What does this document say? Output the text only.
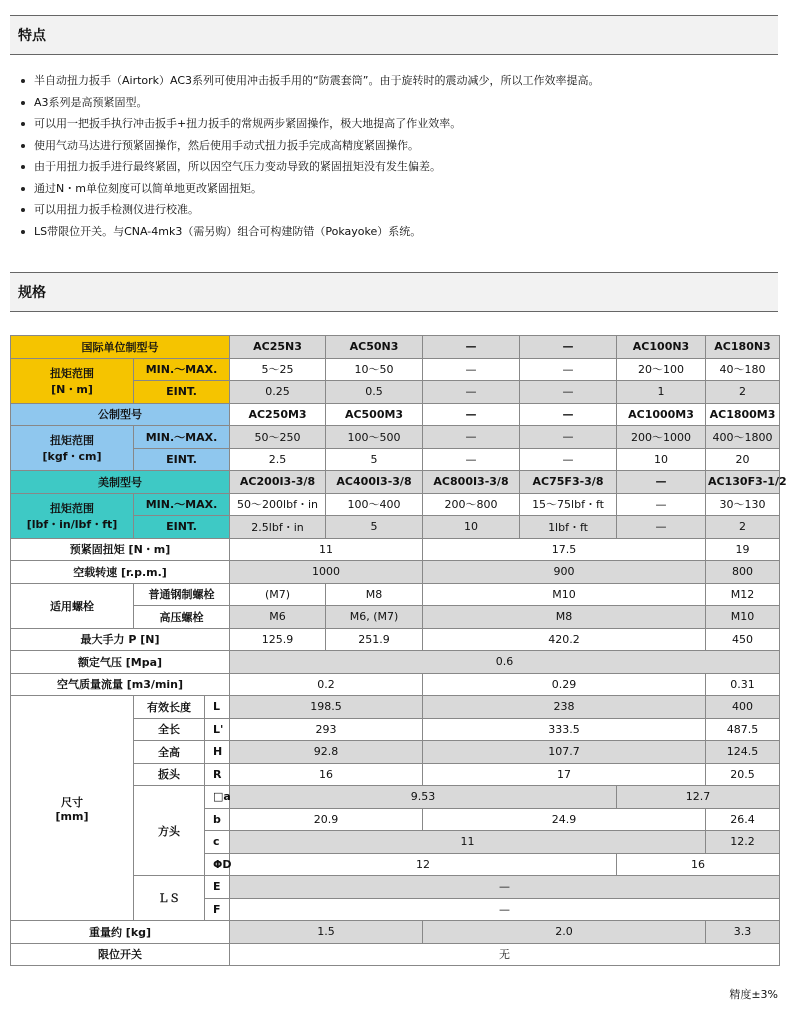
特点
半自动扭力扳手（Airtork）AC3系列可使用冲击扳手用的“防震套筒”。由于旋转时的震动减少，所以工作效率提高。
A3系列是高预紧固型。
可以用一把扳手执行冲击扳手+扭力扳手的常规两步紧固操作，极大地提高了作业效率。
使用气动马达进行预紧固操作，然后使用手动式扭力扳手完成高精度紧固操作。
由于用扭力扳手进行最终紧固，所以因空气压力变动导致的紧固扭矩没有发生偏差。
通过N・m单位刻度可以简单地更改紧固扭矩。
可以用扭力扳手检测仪进行校准。
LS带限位开关。与CNA-4mk3（需另购）组合可构建防错（Pokayoke）系统。
规格
国际单位制型号			AC25N3	AC50N3	—	—	AC100N3	AC180N3

扭矩范围
[N・m]	MIN.～MAX.		5～25	10～50	—	—	20～100	40～180
	EINT.		0.25	0.5	—	—	1	2
公制型号			AC250M3	AC500M3	—	—	AC1000M3	AC1800M3

扭矩范围
[kgf・cm]	MIN.～MAX.		50～250	100～500	—	—	200～1000	400～1800
	EINT.		2.5	5	—	—	10	20
美制型号			AC200I3-3/8	AC400I3-3/8	AC800I3-3/8	AC75F3-3/8	—	AC130F3-1/2

扭矩范围
[lbf・in/lbf・ft]	MIN.～MAX.		50～200lbf・in	100～400	200～800	15～75lbf・ft	—	30～130
	EINT.		2.5lbf・in	5	10	1lbf・ft	—	2
预紧固扭矩 [N・m]			11		17.5			19
空载转速 [r.p.m.]			1000		900			800
适用螺栓	普通钢制螺栓		(M7)	M8	M10			M12
	高压螺栓		M6	M6, (M7)	M8			M10
最大手力 P [N]			125.9	251.9	420.2			450
额定气压 [Mpa]			0.6					
空气质量流量 [m3/min]			0.2		0.29			0.31

尺寸
[mm]	有效长度	L	198.5		238			400
	全长	L'	293		333.5			487.5
	全高	H	92.8		107.7			124.5
	扳头	R	16		17			20.5
	方头	□a	9.53				12.7	
		b	20.9		24.9			26.4
		c	11					12.2
		ΦD	12				16	
	ＬＳ	E	—					
		F	—					
重量约 [kg]			1.5		2.0			3.3
限位开关			无					
精度±3%
